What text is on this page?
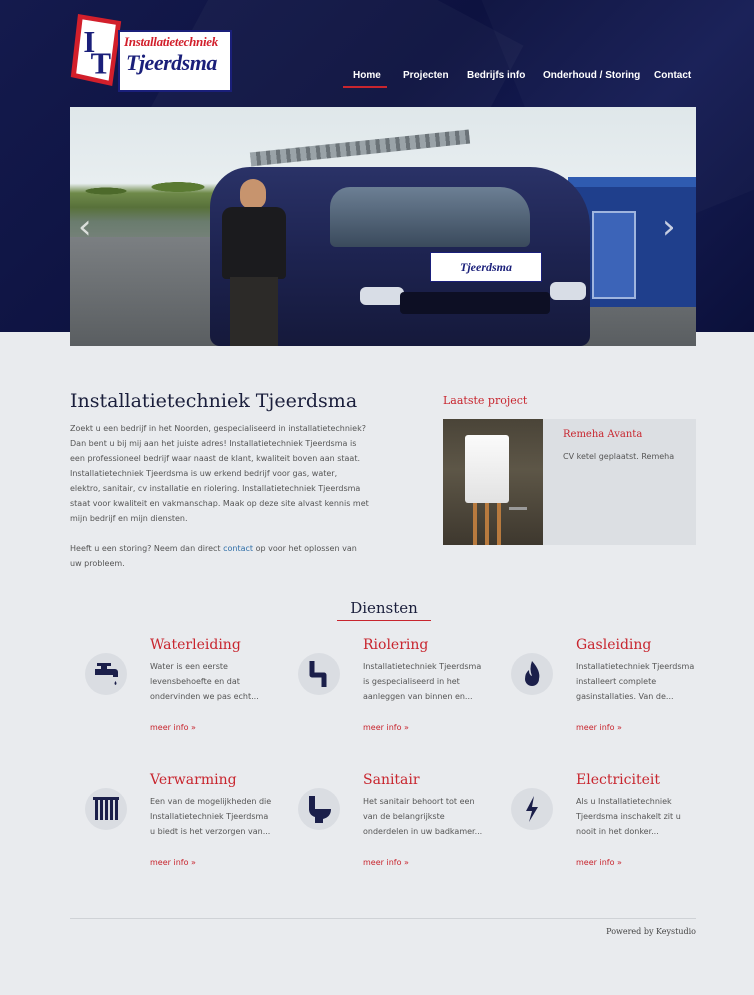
I
T
Installatietechniek
Tjeerdsma
Home Projecten Bedrijfs info Onderhoud / Storing Contact
Tjeerdsma
‹	›
Installatietechniek Tjeerdsma

Zoekt u een bedrijf in het Noorden, gespecialiseerd in installatietechniek? Dan bent u bij mij aan het juiste adres! Installatietechniek Tjeerdsma is een professioneel bedrijf waar naast de klant, kwaliteit boven aan staat. Installatietechniek Tjeerdsma is uw erkend bedrijf voor gas, water, elektro, sanitair, cv installatie en riolering. Installatietechniek Tjeerdsma staat voor kwaliteit en vakmanschap. Maak op deze site alvast kennis met mijn bedrijf en mijn diensten.

Heeft u een storing? Neem dan direct contact op voor het oplossen van uw probleem.

Laatste project
Remeha Avanta
CV ketel geplaatst. Remeha
Diensten
Waterleiding
Water is een eerste levensbehoefte en dat ondervinden we pas echt...
meer info »
Riolering
Installatietechniek Tjeerdsma is gespecialiseerd in het aanleggen van binnen en...
meer info »
Gasleiding
Installatietechniek Tjeerdsma installeert complete gasinstallaties. Van de...
meer info »
Verwarming
Een van de mogelijkheden die Installatietechniek Tjeerdsma u biedt is het verzorgen van...
meer info »
Sanitair
Het sanitair behoort tot een van de belangrijkste onderdelen in uw badkamer...
meer info »
Electriciteit
Als u Installatietechniek Tjeerdsma inschakelt zit u nooit in het donker...
meer info »
Powered by Keystudio
